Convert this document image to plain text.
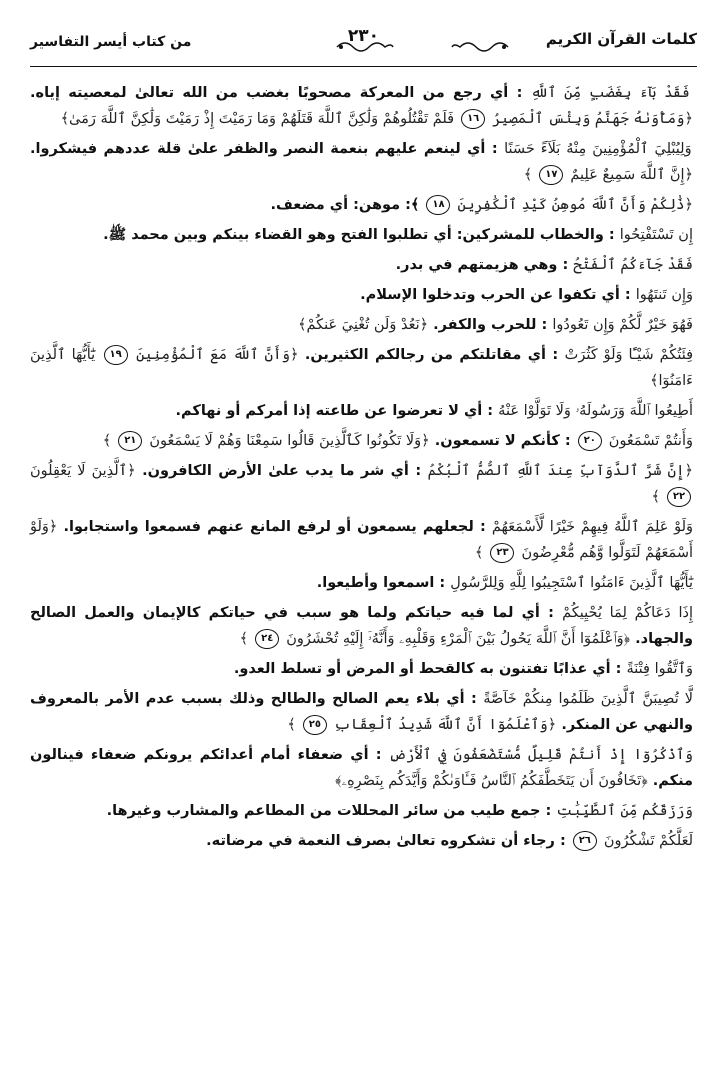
كلمات القرآن الكريم
٢٣٠
من كتاب أيسر التفاسير

فَقَدْ بَآءَ بِغَضَبٍ مِّنَ ٱللَّهِ : أي رجع من المعركة مصحوبًا بغضب من الله تعالىٰ لمعصيته إياه. ﴿وَمَأْوَىٰهُ جَهَنَّمُ وَبِئْسَ ٱلْمَصِيرُ ١٦ فَلَمْ تَقْتُلُوهُمْ وَلَٰكِنَّ ٱللَّهَ قَتَلَهُمْ وَمَا رَمَيْتَ إِذْ رَمَيْتَ وَلَٰكِنَّ ٱللَّهَ رَمَىٰ﴾

وَلِيُبْلِيَ ٱلْمُؤْمِنِينَ مِنْهُ بَلَآءً حَسَنًا : أي لينعم عليهم بنعمة النصر والظفر علىٰ قلة عددهم فيشكروا. ﴿إِنَّ ٱللَّهَ سَمِيعٌ عَلِيمٌ ١٧ ﴾

﴿ذَٰلِكُمْ وَأَنَّ ٱللَّهَ مُوهِنُ كَيْدِ ٱلْكَٰفِرِينَ ١٨ ﴾: موهن: أي مضعف.

إِن تَسْتَفْتِحُوا : والخطاب للمشركين: أي تطلبوا الفتح وهو القضاء بينكم وبين محمد ﷺ.

فَقَدْ جَآءَكُمُ ٱلْفَتْحُ : وهي هزيمتهم في بدر.

وَإِن تَنتَهُوا : أي تكفوا عن الحرب وتدخلوا الإسلام.

فَهُوَ خَيْرٌ لَّكُمْ وَإِن تَعُودُوا : للحرب والكفر. ﴿نَعُدْ وَلَن تُغْنِيَ عَنكُمْ﴾

فِئَتُكُمْ شَيْـًٔا وَلَوْ كَثُرَتْ : أي مقاتلتكم من رجالكم الكثيرين. ﴿وَأَنَّ ٱللَّهَ مَعَ ٱلْمُؤْمِنِينَ ١٩ يَٰٓأَيُّهَا ٱلَّذِينَ ءَامَنُوٓا﴾

أَطِيعُوا ٱللَّهَ وَرَسُولَهُۥ وَلَا تَوَلَّوْا عَنْهُ : أي لا تعرضوا عن طاعته إذا أمركم أو نهاكم.

وَأَنتُمْ تَسْمَعُونَ ٢٠ : كأنكم لا تسمعون. ﴿وَلَا تَكُونُوا كَٱلَّذِينَ قَالُوا سَمِعْنَا وَهُمْ لَا يَسْمَعُونَ ٢١ ﴾

﴿إِنَّ شَرَّ ٱلدَّوَآبِّ عِندَ ٱللَّهِ ٱلصُّمُّ ٱلْبُكْمُ : أي شر ما يدب علىٰ الأرض الكافرون. ﴿ٱلَّذِينَ لَا يَعْقِلُونَ ٢٢ ﴾

وَلَوْ عَلِمَ ٱللَّهُ فِيهِمْ خَيْرًا لَّأَسْمَعَهُمْ : لجعلهم يسمعون أو لرفع المانع عنهم فسمعوا واستجابوا. ﴿وَلَوْ أَسْمَعَهُمْ لَتَوَلَّوا وَّهُم مُّعْرِضُونَ ٢٣ ﴾

يَٰٓأَيُّهَا ٱلَّذِينَ ءَامَنُوا ٱسْتَجِيبُوا لِلَّهِ وَلِلرَّسُولِ : اسمعوا وأطيعوا.

إِذَا دَعَاكُمْ لِمَا يُحْيِيكُمْ : أي لما فيه حياتكم ولما هو سبب في حياتكم كالإيمان والعمل الصالح والجهاد. ﴿وَٱعْلَمُوٓا أَنَّ ٱللَّهَ يَحُولُ بَيْنَ ٱلْمَرْءِ وَقَلْبِهِۦ وَأَنَّهُۥٓ إِلَيْهِ تُحْشَرُونَ ٢٤ ﴾

وَٱتَّقُوا فِتْنَةً : أي عذابًا تفتنون به كالقحط أو المرض أو تسلط العدو.

لَّا تُصِيبَنَّ ٱلَّذِينَ ظَلَمُوا مِنكُمْ خَآصَّةً : أي بلاء يعم الصالح والطالح وذلك بسبب عدم الأمر بالمعروف والنهي عن المنكر. ﴿وَٱعْلَمُوٓا أَنَّ ٱللَّهَ شَدِيدُ ٱلْعِقَابِ ٢٥ ﴾

وَٱذْكُرُوٓا إِذْ أَنتُمْ قَلِيلٌ مُّسْتَضْعَفُونَ فِي ٱلْأَرْضِ : أي ضعفاء أمام أعدائكم يرونكم ضعفاء فينالون منكم. ﴿تَخَافُونَ أَن يَتَخَطَّفَكُمُ ٱلنَّاسُ فَـَٔاوَىٰكُمْ وَأَيَّدَكُم بِنَصْرِهِۦ﴾

وَرَزَقَكُم مِّنَ ٱلطَّيِّبَٰتِ : جمع طيب من سائر المحللات من المطاعم والمشارب وغيرها.

لَعَلَّكُمْ تَشْكُرُونَ ٢٦ : رجاء أن تشكروه تعالىٰ بصرف النعمة في مرضاته.
